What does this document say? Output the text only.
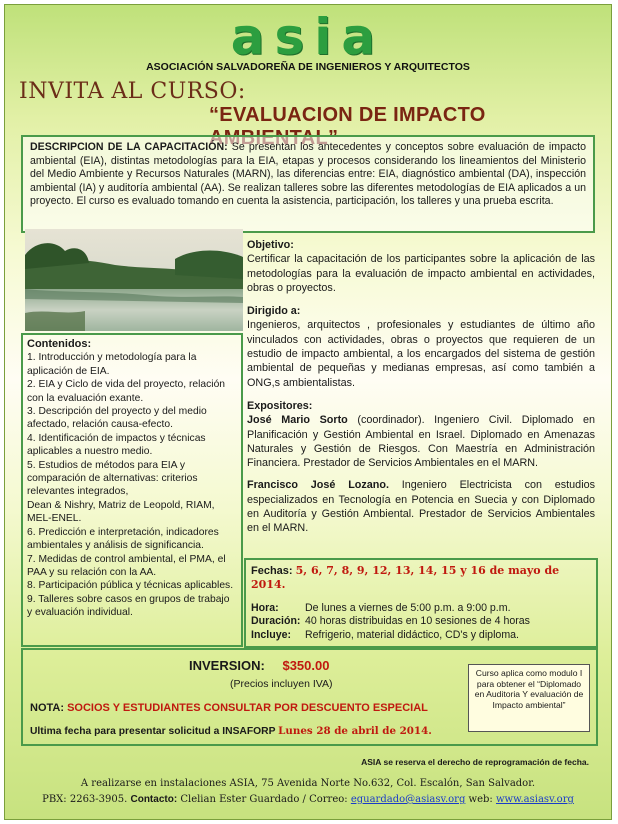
asia
ASOCIACIÓN SALVADOREÑA DE INGENIEROS Y ARQUITECTOS
INVITA AL CURSO:
“EVALUACION DE IMPACTO
DESCRIPCION DE LA CAPACITACIÓN: Se presentan los antecedentes y conceptos sobre evaluación de impacto ambiental (EIA), distintas metodologías para la EIA, etapas y procesos considerando los lineamientos del Ministerio del Medio Ambiente y Recursos Naturales (MARN), las diferencias entre: EIA, diagnóstico ambiental (DA), inspección ambiental (IA) y auditoría ambiental (AA). Se realizan talleres sobre las diferentes metodologías de EIA aplicados a un proyecto. El curso es evaluado tomando en cuenta la asistencia, participación, los talleres y una prueba escrita.
Objetivo:
Certificar la capacitación de los participantes sobre la aplicación de las metodologías para la evaluación de impacto ambiental en actividades, obras o proyectos.
Dirigido a:
Ingenieros, arquitectos , profesionales y estudiantes de último año vinculados con actividades, obras o proyectos que requieren de un estudio de impacto ambiental, a los encargados del sistema de gestión ambiental de pequeñas y medianas empresas, así como también a ONG,s ambientalistas.
Expositores:
José Mario Sorto (coordinador). Ingeniero Civil. Diplomado en Planificación y Gestión Ambiental en Israel. Diplomado en Amenazas Naturales y Gestión de Riesgos. Con Maestría en Administración Financiera. Prestador de Servicios Ambientales en el MARN.
Francisco José Lozano. Ingeniero Electricista con estudios especializados en Tecnología en Potencia en Suecia y con Diplomado en Auditoría y Gestión Ambiental. Prestador de Servicios Ambientales en el MARN.
Contenidos:
1. Introducción y metodología para la aplicación de EIA.
2. EIA y Ciclo de vida del proyecto, relación con la evaluación exante.
3. Descripción del proyecto y del medio afectado, relación causa-efecto.
4. Identificación de impactos y técnicas aplicables a nuestro medio.
5. Estudios de métodos para EIA y comparación de alternativas: criterios relevantes integrados,
Dean & Nishry, Matriz de Leopold, RIAM, MEL-ENEL.
6. Predicción e interpretación, indicadores ambientales y análisis de significancia.
7. Medidas de control ambiental, el PMA, el PAA y su relación con la AA.
8. Participación pública y técnicas aplicables.
9. Talleres sobre casos en grupos de trabajo y evaluación individual.
Fechas: 5, 6, 7, 8, 9, 12, 13, 14, 15 y 16 de mayo de 2014.
Hora:	De lunes a viernes de 5:00 p.m. a 9:00 p.m.
Duración: 40 horas distribuidas en 10 sesiones de 4 horas
Incluye:	Refrigerio, material didáctico, CD's y diploma.
INVERSION: $350.00
(Precios incluyen IVA)
NOTA: SOCIOS Y ESTUDIANTES CONSULTAR POR DESCUENTO ESPECIAL
Ultima fecha para presentar solicitud a INSAFORP Lunes 28 de abril de 2014.
Curso aplica como modulo I para obtener el “Diplomado en Auditoria Y evaluación de Impacto ambiental”
ASIA se reserva el derecho de reprogramación de fecha.
A realizarse en instalaciones ASIA, 75 Avenida Norte No.632, Col. Escalón, San Salvador.
PBX: 2263-3905. Contacto: Clelian Ester Guardado / Correo: eguardado@asiasv.org web: www.asiasv.org
